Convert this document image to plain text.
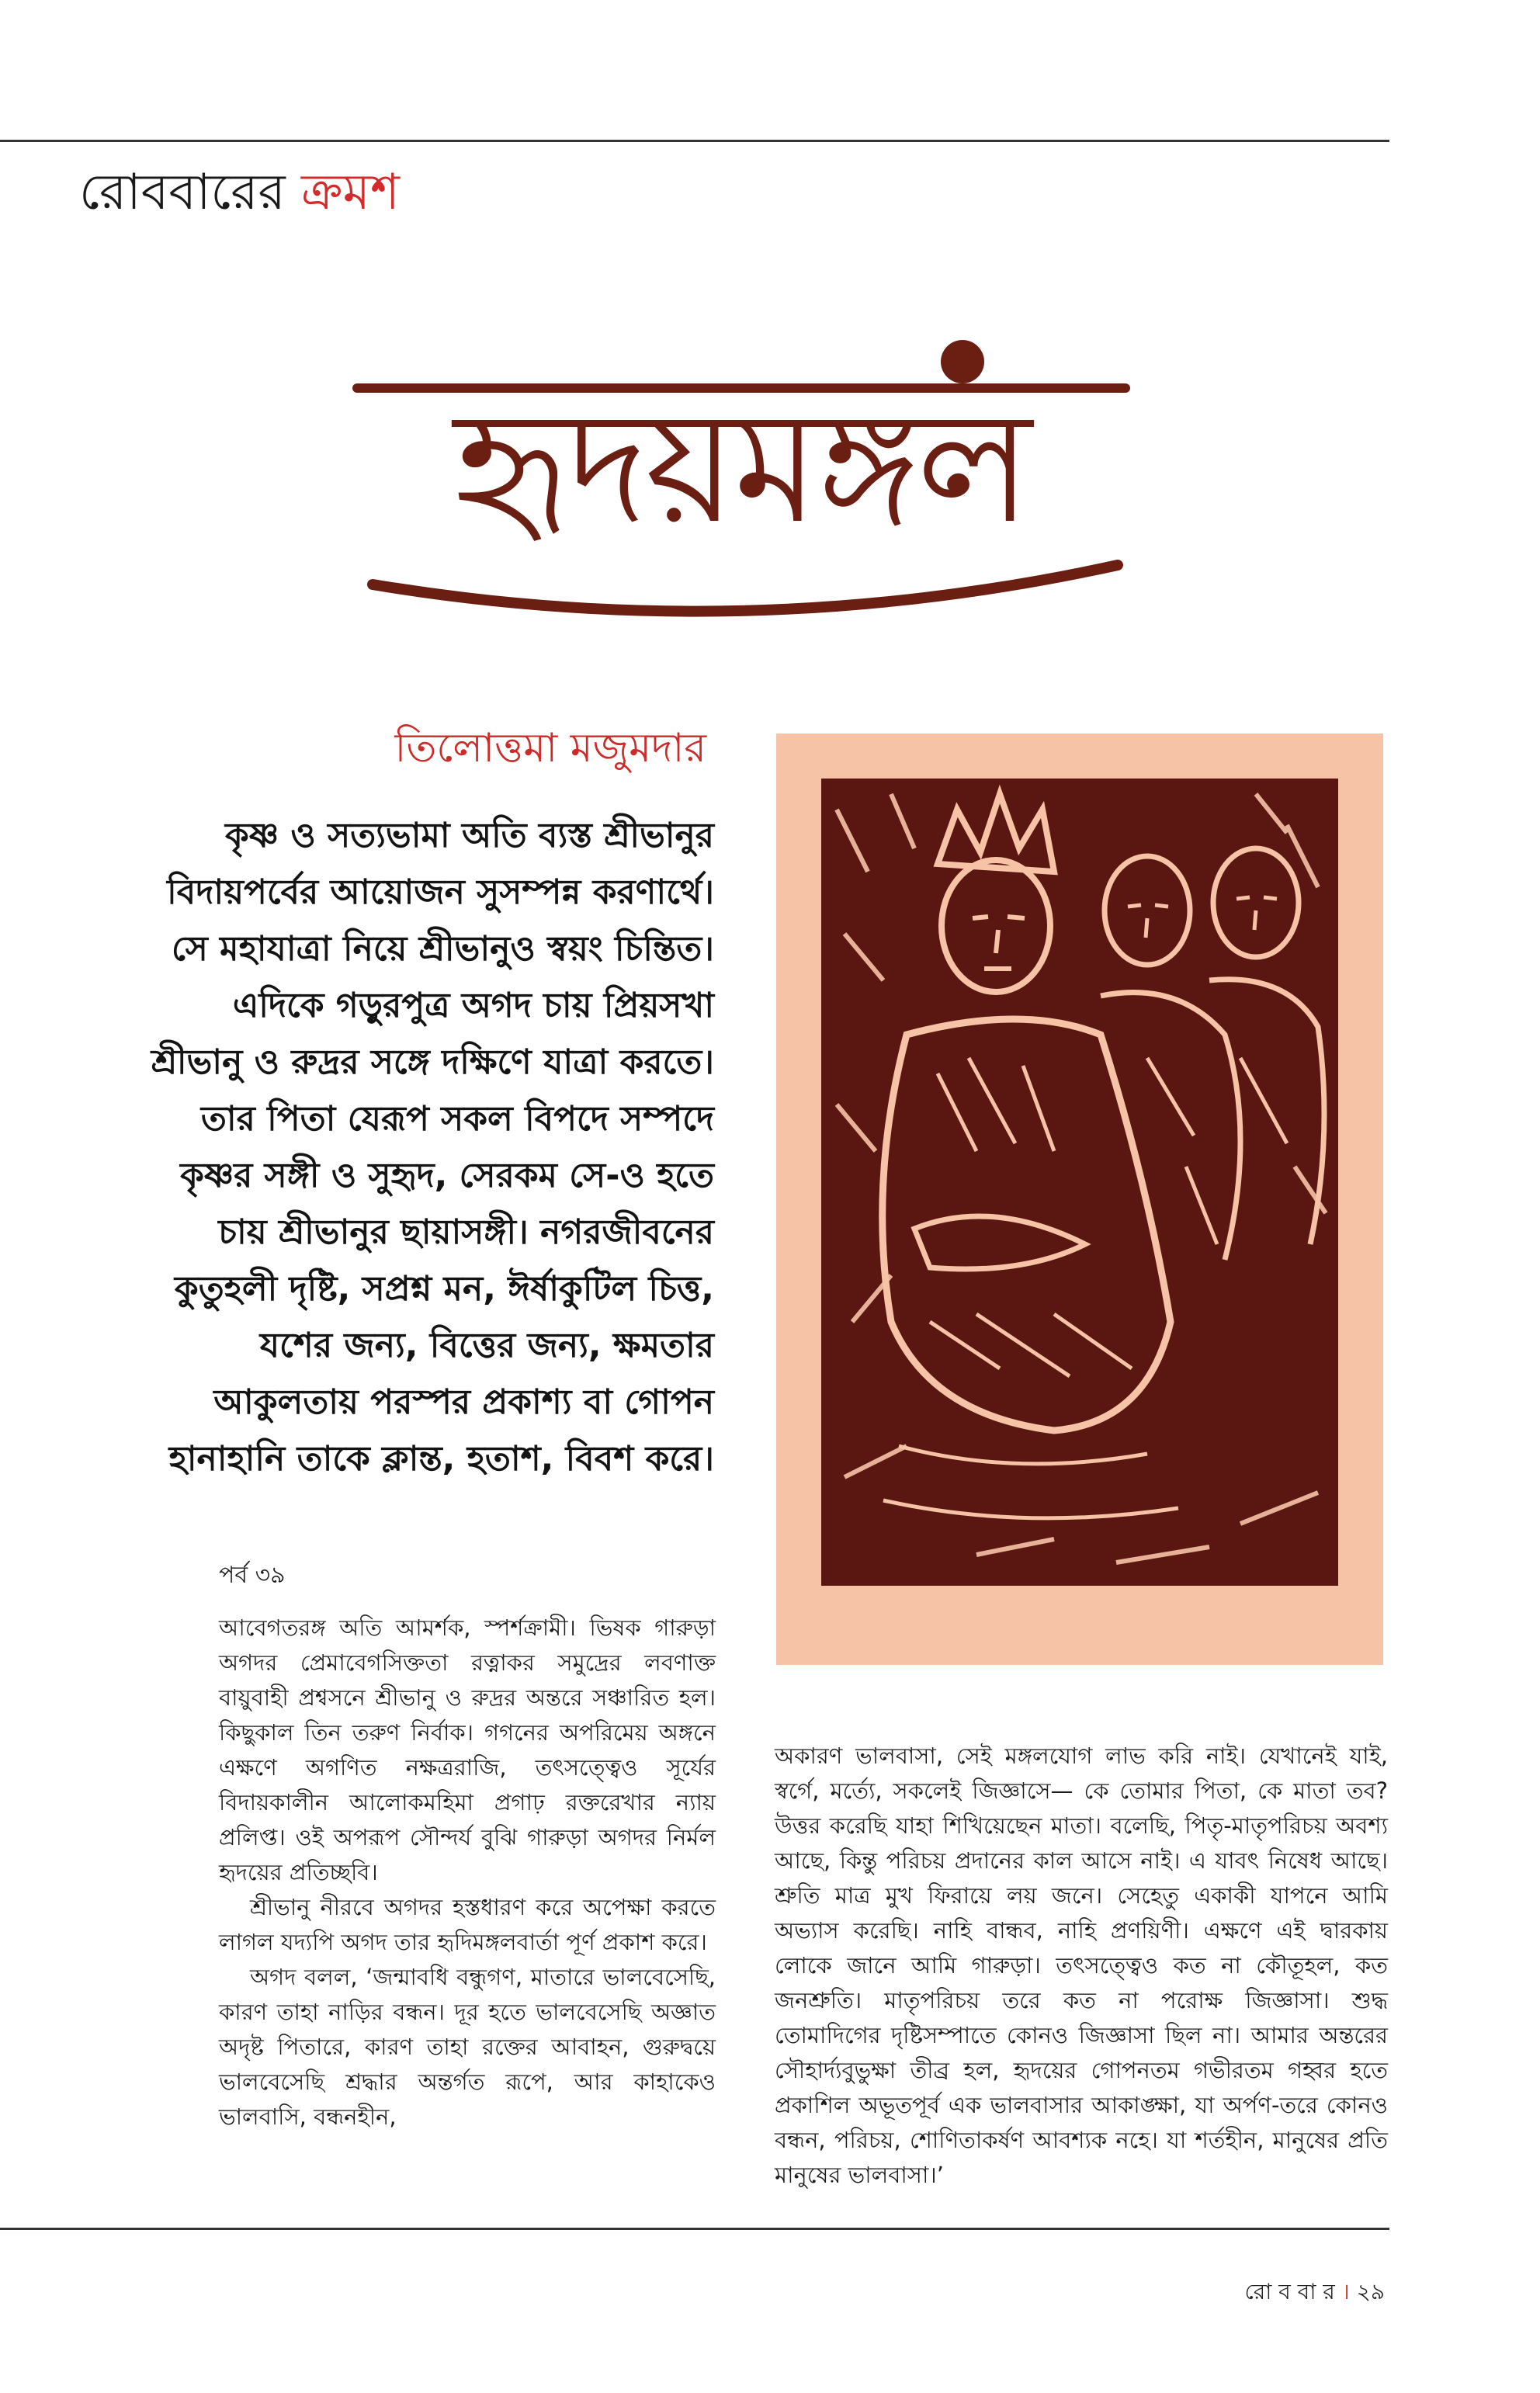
রোববারের ক্রমশ
হৃদয়মঙ্গল
তিলোত্তমা মজুমদার
কৃষ্ণ ও সত্যভামা অতি ব্যস্ত শ্রীভানুর বিদায়পর্বের আয়োজন সুসম্পন্ন করণার্থে। সে মহাযাত্রা নিয়ে শ্রীভানুও স্বয়ং চিন্তিত। এদিকে গড়ুরপুত্র অগদ চায় প্রিয়সখা শ্রীভানু ও রুদ্রর সঙ্গে দক্ষিণে যাত্রা করতে। তার পিতা যেরূপ সকল বিপদে সম্পদে কৃষ্ণর সঙ্গী ও সুহৃদ, সেরকম সে-ও হতে চায় শ্রীভানুর ছায়াসঙ্গী। নগরজীবনের কুতুহলী দৃষ্টি, সপ্রশ্ন মন, ঈর্ষাকুটিল চিত্ত, যশের জন্য, বিত্তের জন্য, ক্ষমতার আকুলতায় পরস্পর প্রকাশ্য বা গোপন হানাহানি তাকে ক্লান্ত, হতাশ, বিবশ করে।
পর্ব ৩৯

আবেগতরঙ্গ অতি আমর্শক, স্পর্শক্রামী। ভিষক গারুড়া অগদর প্রেমাবেগসিক্ততা রত্নাকর সমুদ্রের লবণাক্ত বায়ুবাহী প্রশ্বসনে শ্রীভানু ও রুদ্রর অন্তরে সঞ্চারিত হল। কিছুকাল তিন তরুণ নির্বাক। গগনের অপরিমেয় অঙ্গনে এক্ষণে অগণিত নক্ষত্ররাজি, তৎসত্ত্বেও সূর্যের বিদায়কালীন আলোকমহিমা প্রগাঢ় রক্তরেখার ন্যায় প্রলিপ্ত। ওই অপরূপ সৌন্দর্য বুঝি গারুড়া অগদর নির্মল হৃদয়ের প্রতিচ্ছবি।

শ্রীভানু নীরবে অগদর হস্তধারণ করে অপেক্ষা করতে লাগল যদ্যপি অগদ তার হৃদিমঙ্গলবার্তা পূর্ণ প্রকাশ করে।

অগদ বলল, ‘জন্মাবধি বন্ধুগণ, মাতারে ভালবেসেছি, কারণ তাহা নাড়ির বন্ধন। দূর হতে ভালবেসেছি অজ্ঞাত অদৃষ্ট পিতারে, কারণ তাহা রক্তের আবাহন, গুরুদ্বয়ে ভালবেসেছি শ্রদ্ধার অন্তর্গত রূপে, আর কাহাকেও ভালবাসি, বন্ধনহীন,

অকারণ ভালবাসা, সেই মঙ্গলযোগ লাভ করি নাই। যেখানেই যাই, স্বর্গে, মর্ত্যে, সকলেই জিজ্ঞাসে— কে তোমার পিতা, কে মাতা তব? উত্তর করেছি যাহা শিখিয়েছেন মাতা। বলেছি, পিতৃ-মাতৃপরিচয় অবশ্য আছে, কিন্তু পরিচয় প্রদানের কাল আসে নাই। এ যাবৎ নিষেধ আছে। শ্রুতি মাত্র মুখ ফিরায়ে লয় জনে। সেহেতু একাকী যাপনে আমি অভ্যাস করেছি। নাহি বান্ধব, নাহি প্রণয়িণী। এক্ষণে এই দ্বারকায় লোকে জানে আমি গারুড়া। তৎসত্ত্বেও কত না কৌতূহল, কত জনশ্রুতি। মাতৃপরিচয় তরে কত না পরোক্ষ জিজ্ঞাসা। শুদ্ধ তোমাদিগের দৃষ্টিসম্পাতে কোনও জিজ্ঞাসা ছিল না। আমার অন্তরের সৌহার্দ্যবুভুক্ষা তীব্র হল, হৃদয়ের গোপনতম গভীরতম গহ্বর হতে প্রকাশিল অভূতপূর্ব এক ভালবাসার আকাঙ্ক্ষা, যা অর্পণ-তরে কোনও বন্ধন, পরিচয়, শোণিতাকর্ষণ আবশ্যক নহে। যা শর্তহীন, মানুষের প্রতি মানুষের ভালবাসা।’

রো ব বা র । ২৯
